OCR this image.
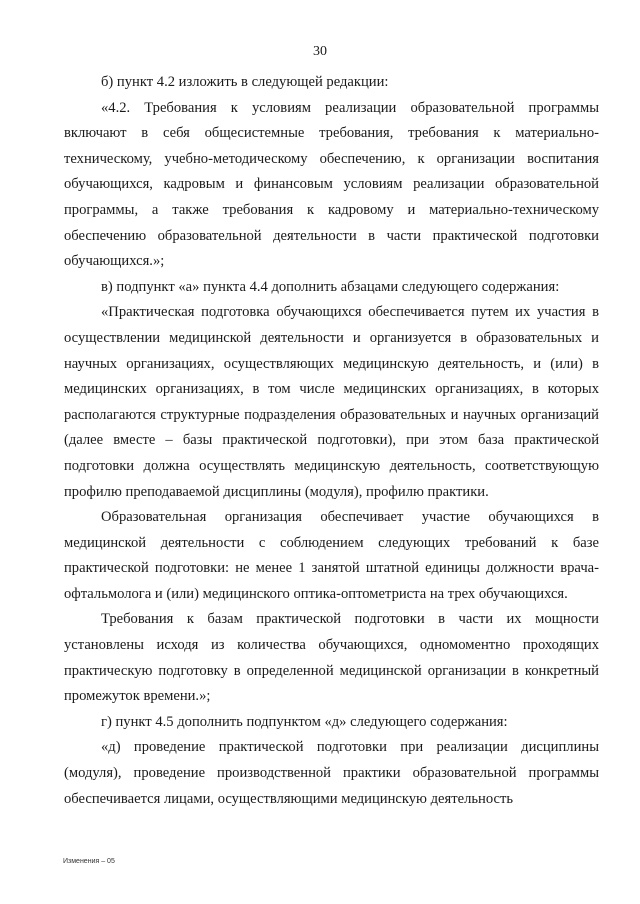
30

б) пункт 4.2 изложить в следующей редакции:

«4.2. Требования к условиям реализации образовательной программы включают в себя общесистемные требования, требования к материально-техническому, учебно-методическому обеспечению, к организации воспитания обучающихся, кадровым и финансовым условиям реализации образовательной программы, а также требования к кадровому и материально-техническому обеспечению образовательной деятельности в части практической подготовки обучающихся.»;

в) подпункт «а» пункта 4.4 дополнить абзацами следующего содержания:

«Практическая подготовка обучающихся обеспечивается путем их участия в осуществлении медицинской деятельности и организуется в образовательных и научных организациях, осуществляющих медицинскую деятельность, и (или) в медицинских организациях, в том числе медицинских организациях, в которых располагаются структурные подразделения образовательных и научных организаций (далее вместе – базы практической подготовки), при этом база практической подготовки должна осуществлять медицинскую деятельность, соответствующую профилю преподаваемой дисциплины (модуля), профилю практики.

Образовательная организация обеспечивает участие обучающихся в медицинской деятельности с соблюдением следующих требований к базе практической подготовки: не менее 1 занятой штатной единицы должности врача-офтальмолога и (или) медицинского оптика-оптометриста на трех обучающихся.

Требования к базам практической подготовки в части их мощности установлены исходя из количества обучающихся, одномоментно проходящих практическую подготовку в определенной медицинской организации в конкретный промежуток времени.»;

г) пункт 4.5 дополнить подпунктом «д» следующего содержания:

«д) проведение практической подготовки при реализации дисциплины (модуля), проведение производственной практики образовательной программы обеспечивается лицами, осуществляющими медицинскую деятельность

Изменения – 05
